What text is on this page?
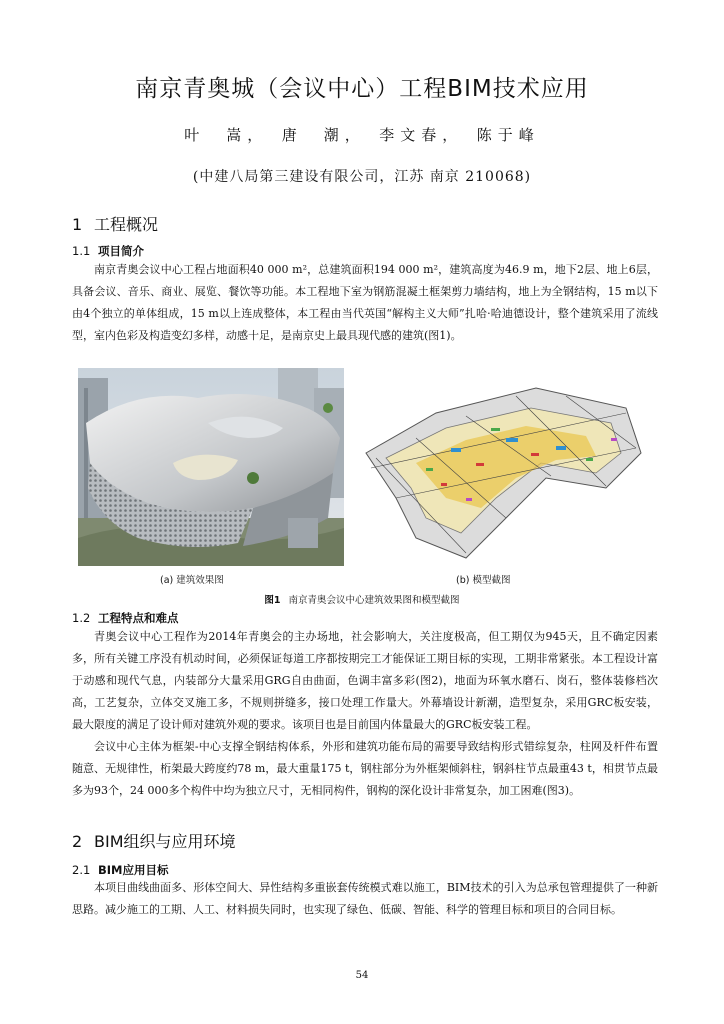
南京青奥城（会议中心）工程BIM技术应用
叶　嵩，　唐　潮，　李文春，　陈于峰
(中建八局第三建设有限公司，江苏 南京 210068)
1 工程概况
1.1 项目简介

南京青奥会议中心工程占地面积40 000 m²，总建筑面积194 000 m²，建筑高度为46.9 m，地下2层、地上6层，具备会议、音乐、商业、展览、餐饮等功能。本工程地下室为钢筋混凝土框架剪力墙结构，地上为全钢结构，15 m以下由4个独立的单体组成，15 m以上连成整体，本工程由当代英国“解构主义大师”扎哈·哈迪德设计，整个建筑采用了流线型，室内色彩及构造变幻多样，动感十足，是南京史上最具现代感的建筑(图1)。

(a) 建筑效果图	(b) 模型截图
图1 南京青奥会议中心建筑效果图和模型截图
1.2 工程特点和难点

青奥会议中心工程作为2014年青奥会的主办场地，社会影响大，关注度极高，但工期仅为945天，且不确定因素多，所有关键工序没有机动时间，必须保证每道工序都按期完工才能保证工期目标的实现，工期非常紧张。本工程设计富于动感和现代气息，内装部分大量采用GRG自由曲面，色调丰富多彩(图2)，地面为环氧水磨石、岗石，整体装修档次高，工艺复杂，立体交叉施工多，不规则拼缝多，接口处理工作量大。外幕墙设计新潮，造型复杂，采用GRC板安装，最大限度的满足了设计师对建筑外观的要求。该项目也是目前国内体量最大的GRC板安装工程。

会议中心主体为框架-中心支撑全钢结构体系，外形和建筑功能布局的需要导致结构形式错综复杂，柱网及杆件布置随意、无规律性，桁架最大跨度约78 m，最大重量175 t，钢柱部分为外框架倾斜柱，钢斜柱节点最重43 t，相贯节点最多为93个，24 000多个构件中均为独立尺寸，无相同构件，钢构的深化设计非常复杂，加工困难(图3)。

2 BIM组织与应用环境
2.1 BIM应用目标

本项目曲线曲面多、形体空间大、异性结构多重嵌套传统模式难以施工，BIM技术的引入为总承包管理提供了一种新思路。减少施工的工期、人工、材料损失同时，也实现了绿色、低碳、智能、科学的管理目标和项目的合同目标。

54
